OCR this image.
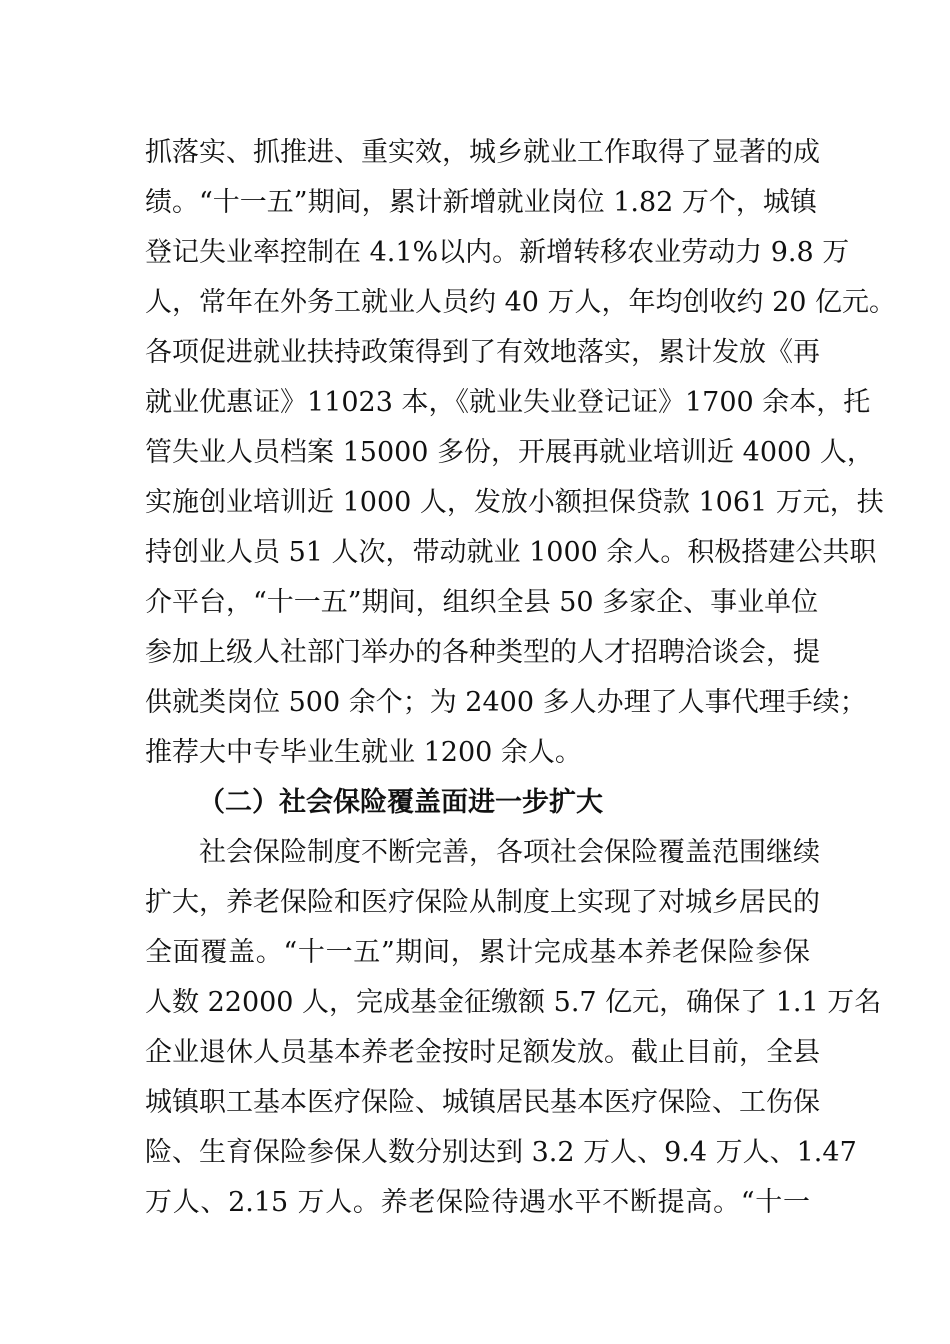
抓落实、抓推进、重实效，城乡就业工作取得了显著的成
绩。“十一五”期间，累计新增就业岗位 1.82 万个，城镇
登记失业率控制在 4.1%以内。新增转移农业劳动力 9.8 万
人，常年在外务工就业人员约 40 万人，年均创收约 20 亿元。
各项促进就业扶持政策得到了有效地落实，累计发放《再
就业优惠证》11023 本，《就业失业登记证》1700 余本，托
管失业人员档案 15000 多份，开展再就业培训近 4000 人，
实施创业培训近 1000 人，发放小额担保贷款 1061 万元，扶
持创业人员 51 人次，带动就业 1000 余人。积极搭建公共职
介平台，“十一五”期间，组织全县 50 多家企、事业单位
参加上级人社部门举办的各种类型的人才招聘洽谈会，提
供就类岗位 500 余个；为 2400 多人办理了人事代理手续；
推荐大中专毕业生就业 1200 余人。
（二）社会保险覆盖面进一步扩大
社会保险制度不断完善，各项社会保险覆盖范围继续
扩大，养老保险和医疗保险从制度上实现了对城乡居民的
全面覆盖。“十一五”期间，累计完成基本养老保险参保
人数 22000 人，完成基金征缴额 5.7 亿元，确保了 1.1 万名
企业退休人员基本养老金按时足额发放。截止目前，全县
城镇职工基本医疗保险、城镇居民基本医疗保险、工伤保
险、生育保险参保人数分别达到 3.2 万人、9.4 万人、1.47
万人、2.15 万人。养老保险待遇水平不断提高。“十一
